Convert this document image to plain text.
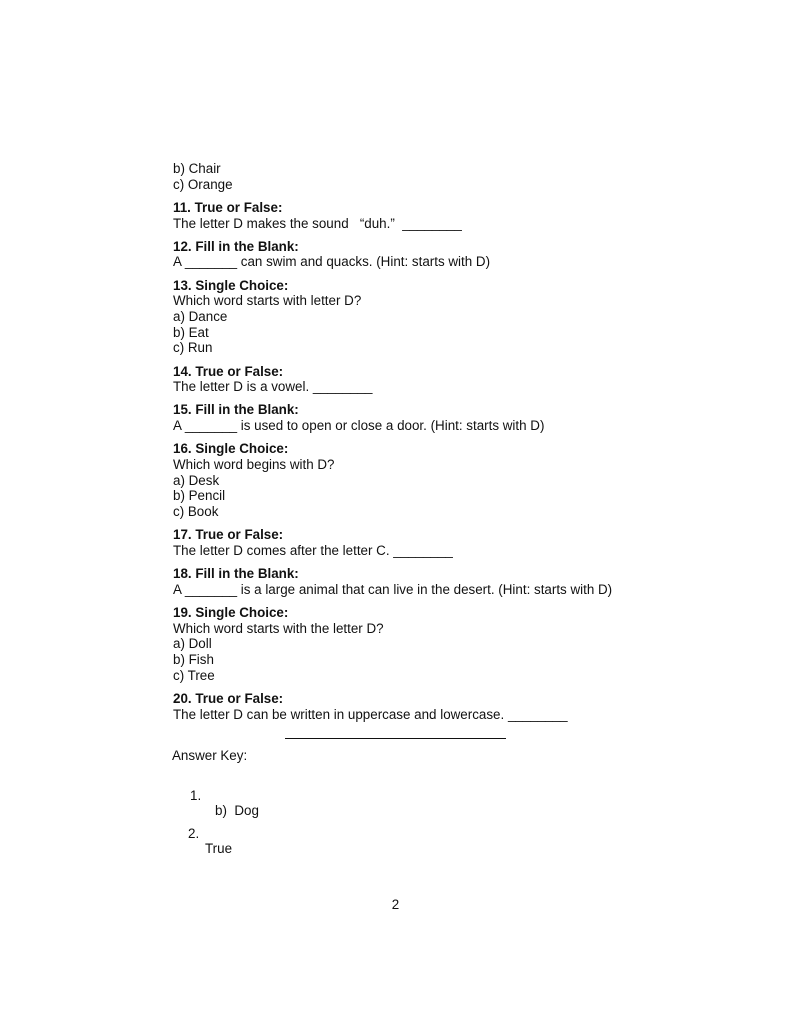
b) Chair
c) Orange
11. True or False:
The letter D makes the sound   “duh.”  ________
12. Fill in the Blank:
A _______ can swim and quacks. (Hint: starts with D)
13. Single Choice:
Which word starts with letter D?
a) Dance
b) Eat
c) Run
14. True or False:
The letter D is a vowel. ________
15. Fill in the Blank:
A _______ is used to open or close a door. (Hint: starts with D)
16. Single Choice:
Which word begins with D?
a) Desk
b) Pencil
c) Book
17. True or False:
The letter D comes after the letter C. ________
18. Fill in the Blank:
A _______ is a large animal that can live in the desert. (Hint: starts with D)
19. Single Choice:
Which word starts with the letter D?
a) Doll
b) Fish
c) Tree
20. True or False:
The letter D can be written in uppercase and lowercase. ________
Answer Key:

1.

b)  Dog

2.

True

2
